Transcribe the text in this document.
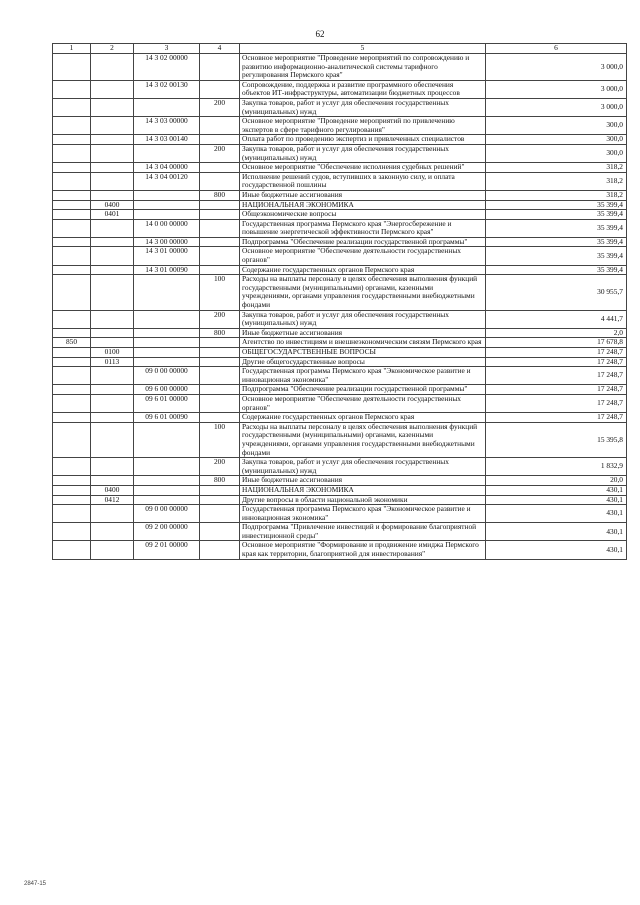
62
1	2	3	4	5	6
		14 3 02 00000		Основное мероприятие "Проведение мероприятий по сопровождению и развитию информационно-аналитической системы тарифного регулирования Пермского края"	3 000,0
		14 3 02 00130		Сопровождение, поддержка и развитие программного обеспечения объектов ИТ-инфраструктуры, автоматизации бюджетных процессов	3 000,0
			200	Закупка товаров, работ и услуг для обеспечения государственных (муниципальных) нужд	3 000,0
		14 3 03 00000		Основное мероприятие "Проведение мероприятий по привлечению экспертов в сфере тарифного регулирования"	300,0
		14 3 03 00140		Оплата работ по проведению экспертиз и привлеченных специалистов	300,0
			200	Закупка товаров, работ и услуг для обеспечения государственных (муниципальных) нужд	300,0
		14 3 04 00000		Основное мероприятие "Обеспечение исполнения судебных решений"	318,2
		14 3 04 00120		Исполнение решений судов, вступивших в законную силу, и оплата государственной пошлины	318,2
			800	Иные бюджетные ассигнования	318,2
	0400			НАЦИОНАЛЬНАЯ ЭКОНОМИКА	35 399,4
	0401			Общеэкономические вопросы	35 399,4
		14 0 00 00000		Государственная программа Пермского края "Энергосбережение и повышение энергетической эффективности Пермского края"	35 399,4
		14 3 00 00000		Подпрограмма "Обеспечение реализации государственной программы"	35 399,4
		14 3 01 00000		Основное мероприятие "Обеспечение деятельности государственных органов"	35 399,4
		14 3 01 00090		Содержание государственных органов Пермского края	35 399,4
			100	Расходы на выплаты персоналу в целях обеспечения выполнения функций государственными (муниципальными) органами, казенными учреждениями, органами управления государственными внебюджетными фондами	30 955,7
			200	Закупка товаров, работ и услуг для обеспечения государственных (муниципальных) нужд	4 441,7
			800	Иные бюджетные ассигнования	2,0
850				Агентство по инвестициям и внешнеэкономическим связям Пермского края	17 678,8
	0100			ОБЩЕГОСУДАРСТВЕННЫЕ ВОПРОСЫ	17 248,7
	0113			Другие общегосударственные вопросы	17 248,7
		09 0 00 00000		Государственная программа Пермского края "Экономическое развитие и инновационная экономика"	17 248,7
		09 6 00 00000		Подпрограмма "Обеспечение реализации государственной программы"	17 248,7
		09 6 01 00000		Основное мероприятие "Обеспечение деятельности государственных органов"	17 248,7
		09 6 01 00090		Содержание государственных органов Пермского края	17 248,7
			100	Расходы на выплаты персоналу в целях обеспечения выполнения функций государственными (муниципальными) органами, казенными учреждениями, органами управления государственными внебюджетными фондами	15 395,8
			200	Закупка товаров, работ и услуг для обеспечения государственных (муниципальных) нужд	1 832,9
			800	Иные бюджетные ассигнования	20,0
	0400			НАЦИОНАЛЬНАЯ ЭКОНОМИКА	430,1
	0412			Другие вопросы в области национальной экономики	430,1
		09 0 00 00000		Государственная программа Пермского края "Экономическое развитие и инновационная экономика"	430,1
		09 2 00 00000		Подпрограмма "Привлечение инвестиций и формирование благоприятной инвестиционной среды"	430,1
		09 2 01 00000		Основное мероприятие "Формирование и продвижение имиджа Пермского края как территории, благоприятной для инвестирования"	430,1
2847-15
